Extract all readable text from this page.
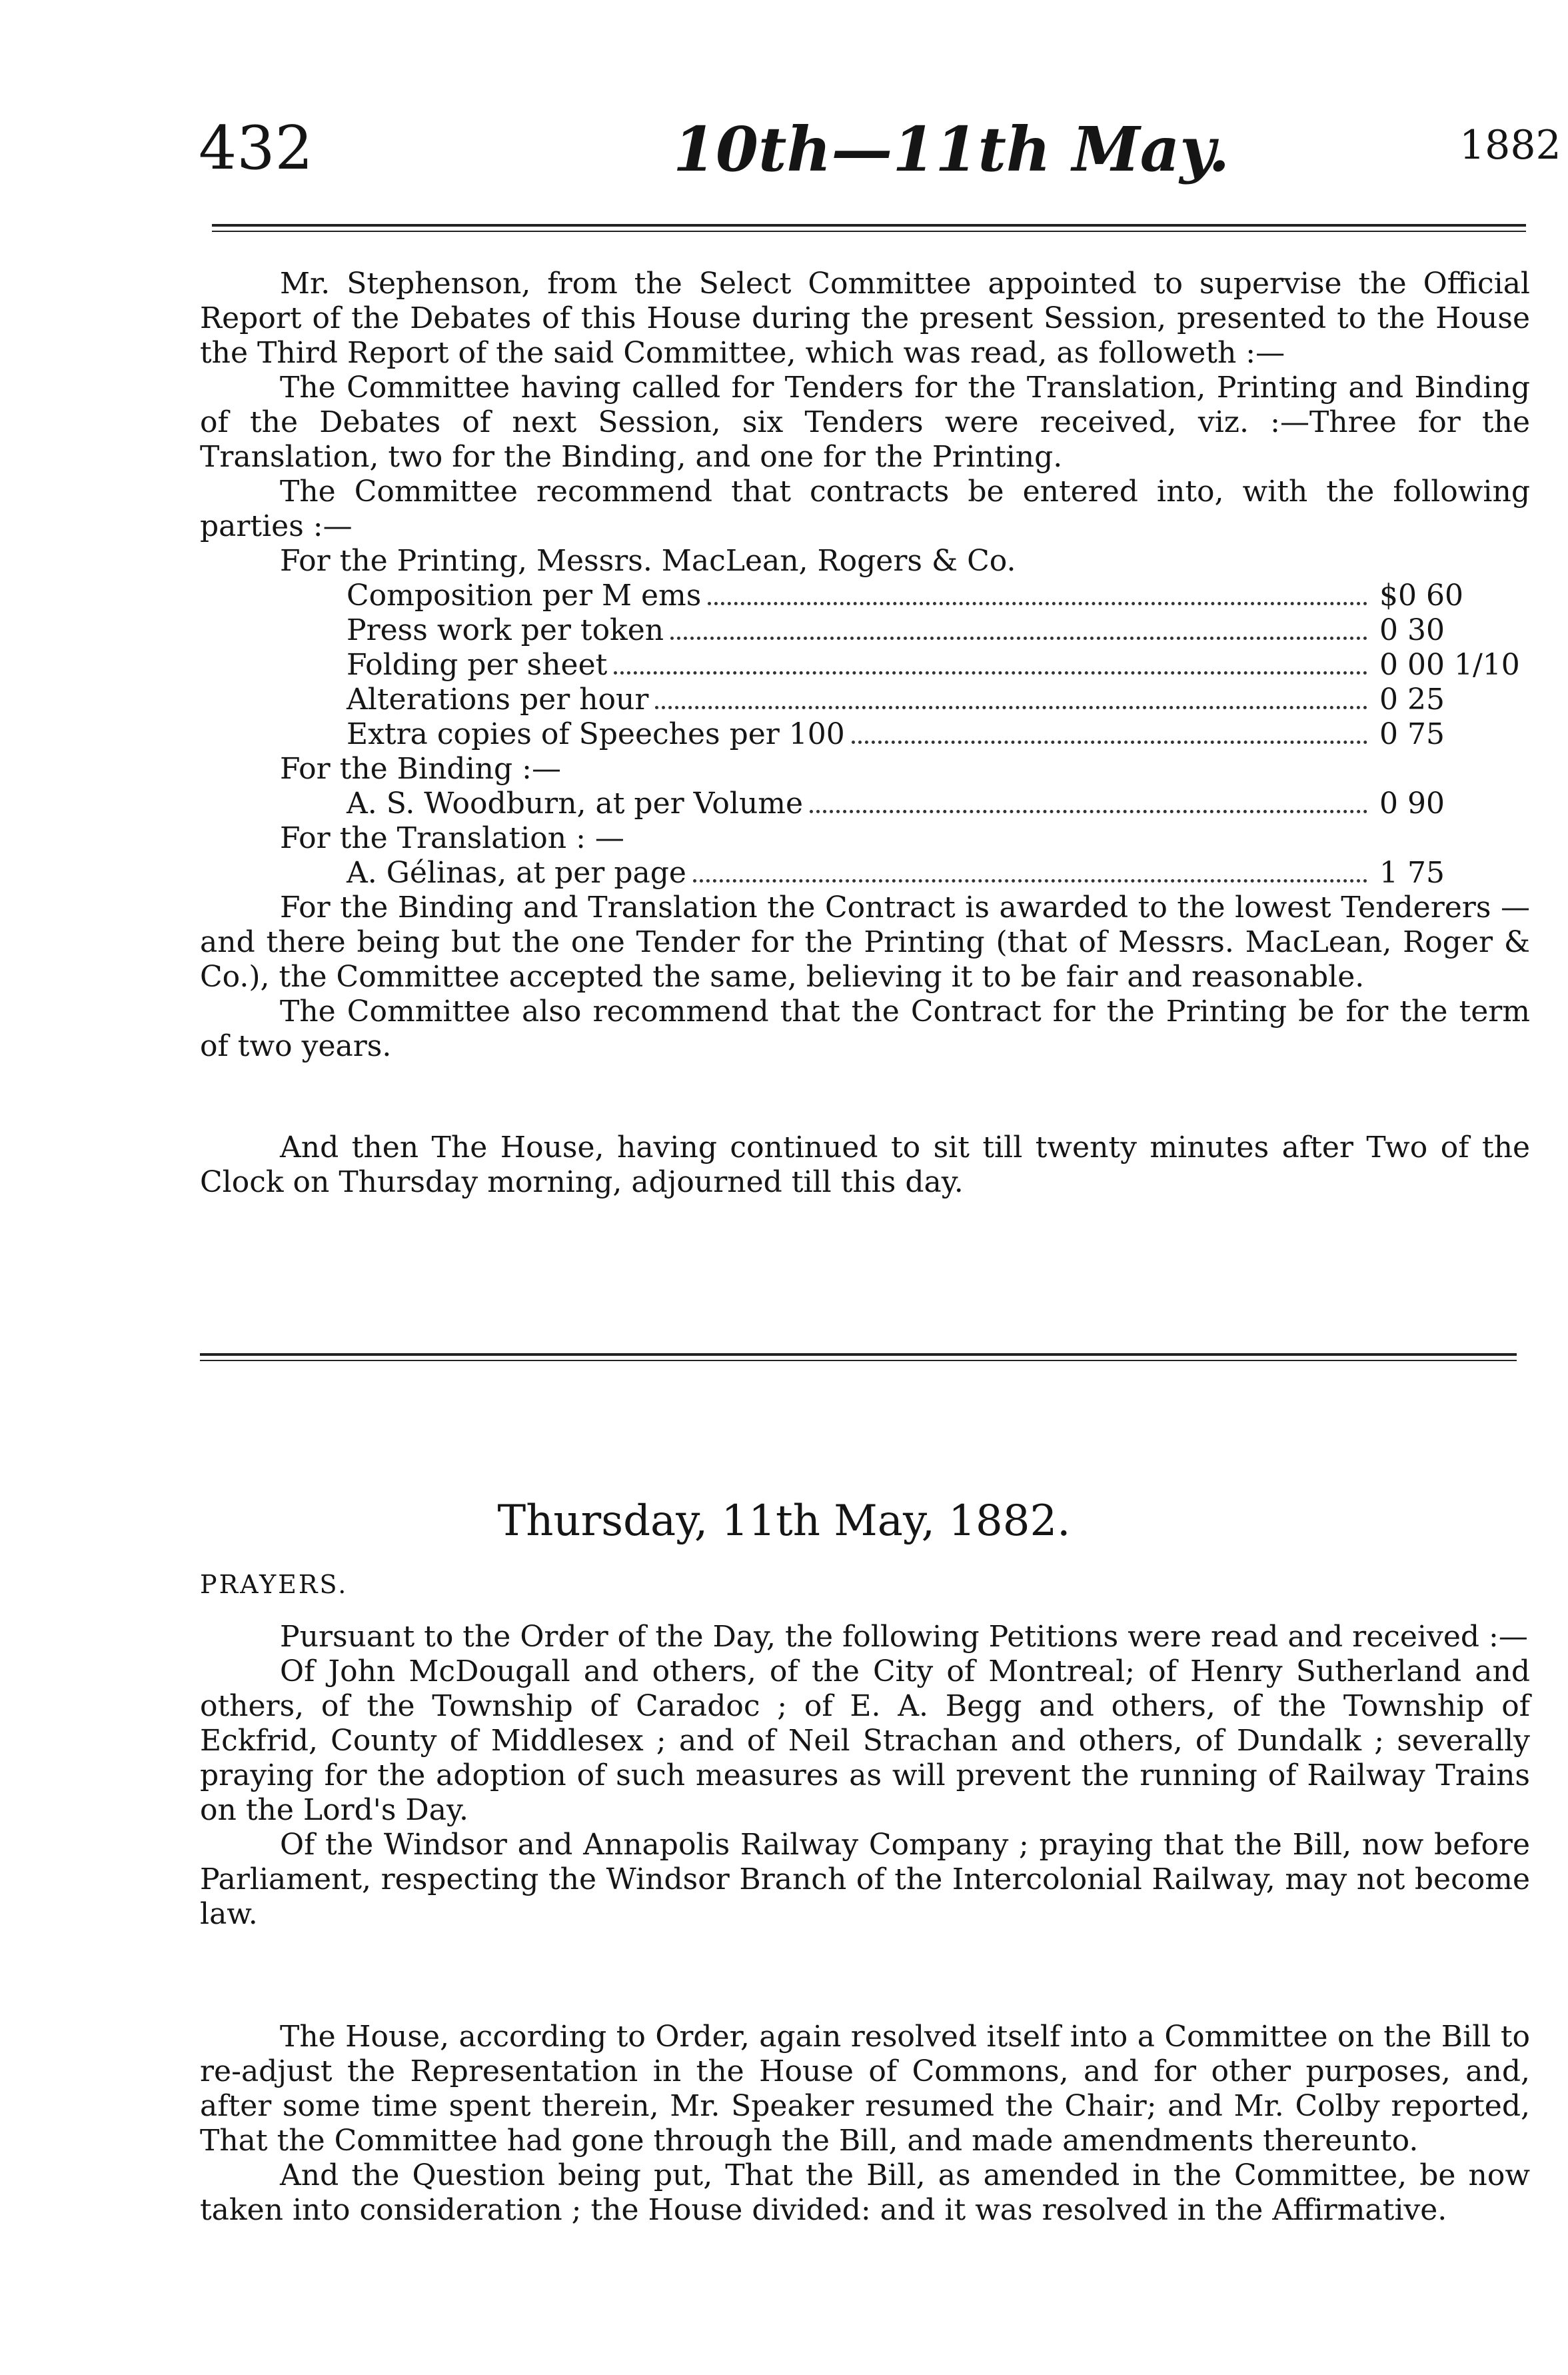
432	10th—11th May.	1882

Mr. Stephenson, from the Select Committee appointed to supervise the Official Report of the Debates of this House during the present Session, presented to the House the Third Report of the said Committee, which was read, as followeth :—

The Committee having called for Tenders for the Translation, Printing and Binding of the Debates of next Session, six Tenders were received, viz. :—Three for the Translation, two for the Binding, and one for the Printing.

The Committee recommend that contracts be entered into, with the following parties :—

For the Printing, Messrs. MacLean, Rogers & Co.

Composition per M ems	$0 60
Press work per token	0 30
Folding per sheet	0 00 1/10
Alterations per hour	0 25
Extra copies of Speeches per 100	0 75

For the Binding :—

A. S. Woodburn, at per Volume	0 90

For the Translation : —

A. Gélinas, at per page	1 75

For the Binding and Translation the Contract is awarded to the lowest Tenderers —and there being but the one Tender for the Printing (that of Messrs. MacLean, Roger & Co.), the Committee accepted the same, believing it to be fair and reasonable.

The Committee also recommend that the Contract for the Printing be for the term of two years.

And then The House, having continued to sit till twenty minutes after Two of the Clock on Thursday morning, adjourned till this day.

Thursday, 11th May, 1882.
PRAYERS.

Pursuant to the Order of the Day, the following Petitions were read and received :—

Of John McDougall and others, of the City of Montreal; of Henry Sutherland and others, of the Township of Caradoc ; of E. A. Begg and others, of the Township of Eckfrid, County of Middlesex ; and of Neil Strachan and others, of Dundalk ; severally praying for the adoption of such measures as will prevent the running of Railway Trains on the Lord's Day.

Of the Windsor and Annapolis Railway Company ; praying that the Bill, now before Parliament, respecting the Windsor Branch of the Intercolonial Railway, may not become law.

The House, according to Order, again resolved itself into a Committee on the Bill to re-adjust the Representation in the House of Commons, and for other purposes, and, after some time spent therein, Mr. Speaker resumed the Chair; and Mr. Colby reported, That the Committee had gone through the Bill, and made amendments thereunto.

And the Question being put, That the Bill, as amended in the Committee, be now taken into consideration ; the House divided: and it was resolved in the Affirmative.
